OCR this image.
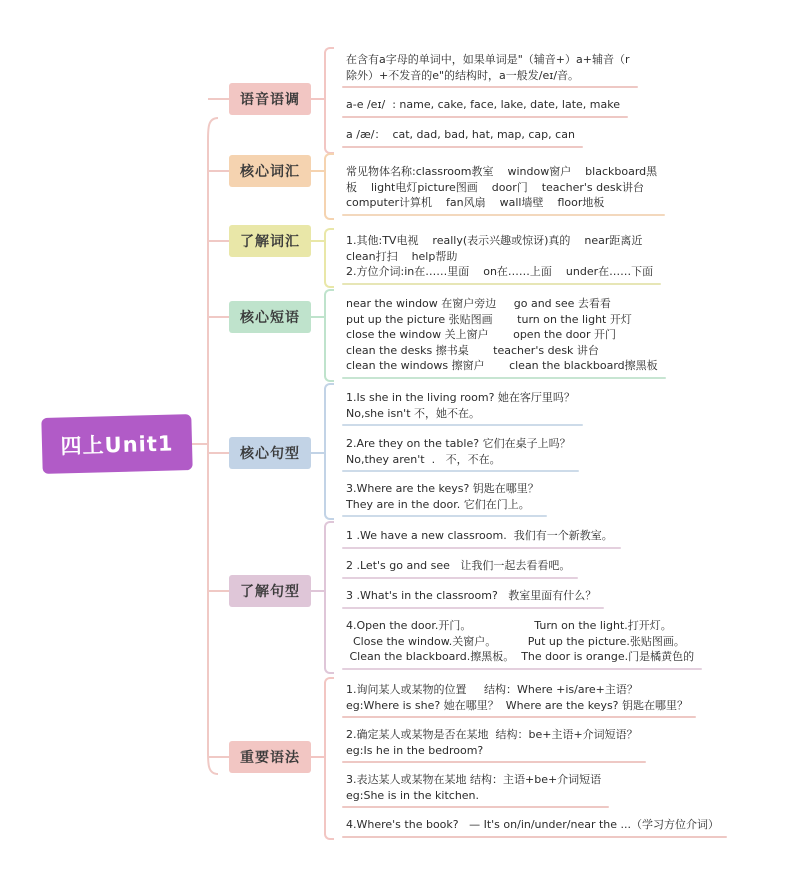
四上Unit1
语音语调
在含有a字母的单词中，如果单词是"（辅音+）a+辅音（r
除外）+不发音的e"的结构时，a一般发/eɪ/音。
a-e /eɪ/  : name, cake, face, lake, date, late, make
a /æ/：  cat, dad, bad, hat, map, cap, can
核心词汇	常见物体名称:classroom教室    window窗户    blackboard黑
板    light电灯picture图画    door门    teacher's desk讲台
computer计算机    fan风扇    wall墙壁    floor地板
了解词汇	1.其他:TV电视    really(表示兴趣或惊讶)真的    near距离近
clean打扫    help帮助
2.方位介词:in在……里面    on在……上面    under在……下面
核心短语
near the window 在窗户旁边     go and see 去看看
put up the picture 张贴图画       turn on the light 开灯
close the window 关上窗户       open the door 开门
clean the desks 擦书桌       teacher's desk 讲台
clean the windows 擦窗户       clean the blackboard擦黑板
核心句型
1.Is she in the living room? 她在客厅里吗？
No,she isn't 不，她不在。
2.Are they on the table? 它们在桌子上吗？
No,they aren't  .   不，不在。
3.Where are the keys? 钥匙在哪里？
They are in the door. 它们在门上。
了解句型
1 .We have a new classroom.  我们有一个新教室。
2 .Let's go and see   让我们一起去看看吧。
3 .What's in the classroom?   教室里面有什么？
4.Open the door.开门。                  Turn on the light.打开灯。
Close the window.关窗户。         Put up the picture.张贴图画。
Clean the blackboard.擦黑板。  The door is orange.门是橘黄色的
重要语法
1.询问某人或某物的位置     结构：Where +is/are+主语？
eg:Where is she? 她在哪里？  Where are the keys? 钥匙在哪里？
2.确定某人或某物是否在某地  结构：be+主语+介词短语？
eg:Is he in the bedroom?
3.表达某人或某物在某地 结构：主语+be+介词短语
eg:She is in the kitchen.
4.Where's the book?   — It's on/in/under/near the ...（学习方位介词）
